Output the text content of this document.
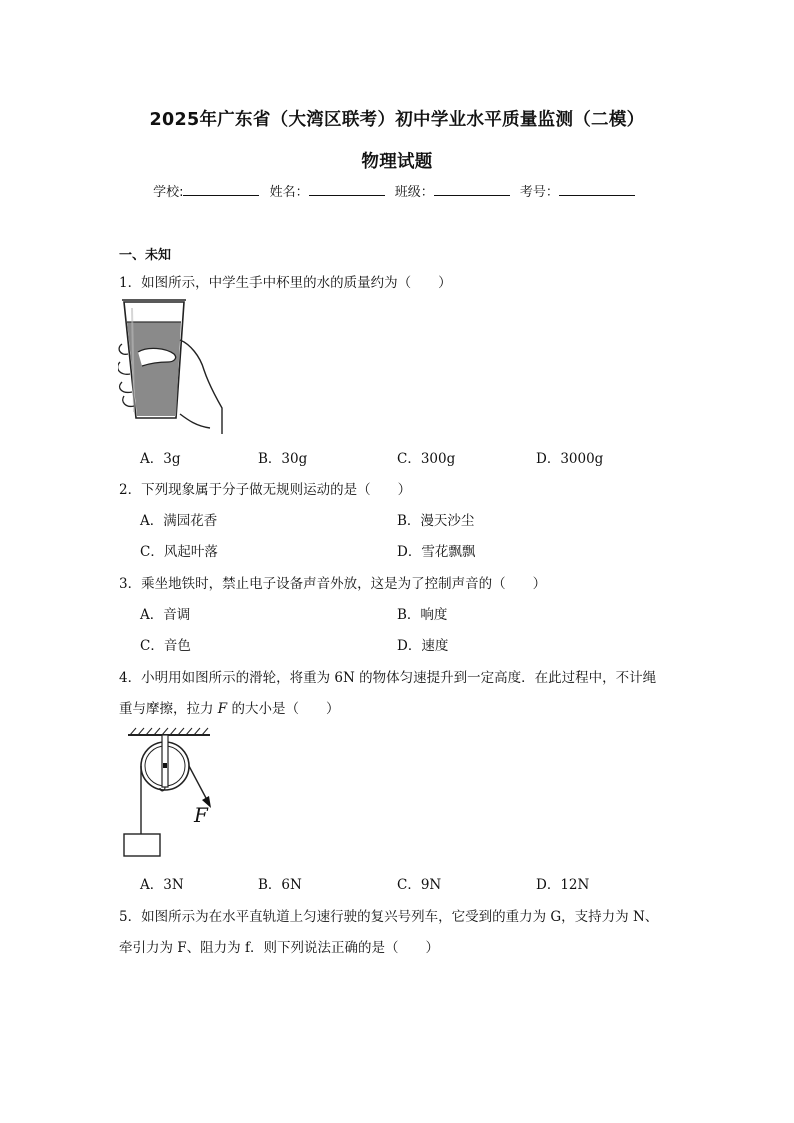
2025年广东省（大湾区联考）初中学业水平质量监测（二模）
物理试题
学校:	姓名：	班级：	考号：
一、未知
1．如图所示，中学生手中杯里的水的质量约为（　　）
A．3g	B．30g	C．300g	D．3000g
2．下列现象属于分子做无规则运动的是（　　）
A．满园花香	B．漫天沙尘
C．风起叶落	D．雪花飘飘
3．乘坐地铁时，禁止电子设备声音外放，这是为了控制声音的（　　）
A．音调	B．响度
C．音色	D．速度
4．小明用如图所示的滑轮，将重为 6N 的物体匀速提升到一定高度．在此过程中，不计绳
重与摩擦，拉力 F 的大小是（　　）
F
A．3N	B．6N	C．9N	D．12N
5．如图所示为在水平直轨道上匀速行驶的复兴号列车，它受到的重力为 G，支持力为 N、
牵引力为 F、阻力为 f．则下列说法正确的是（　　）
